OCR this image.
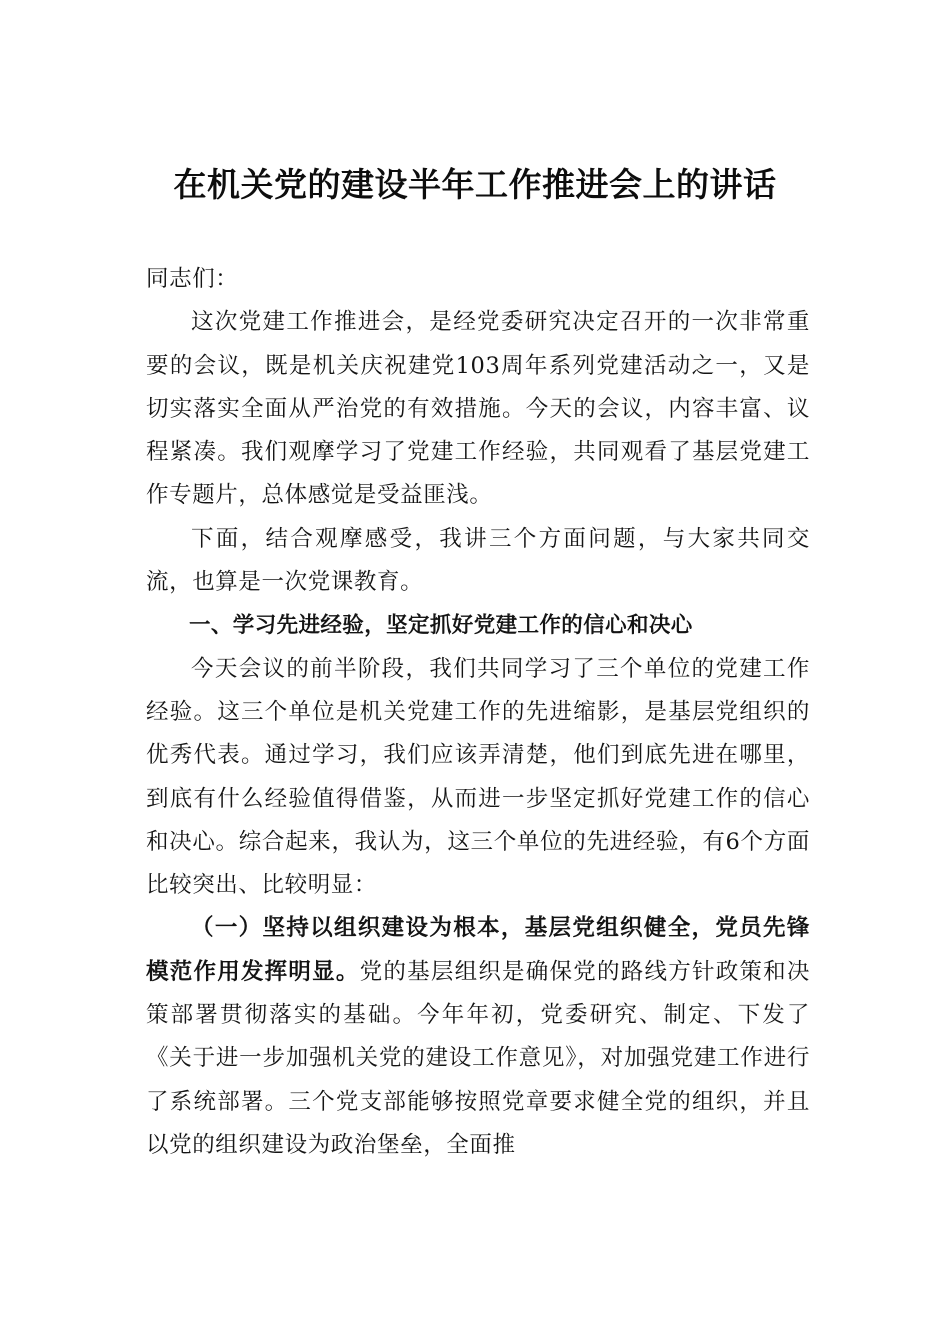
在机关党的建设半年工作推进会上的讲话

同志们：

这次党建工作推进会，是经党委研究决定召开的一次非常重要的会议，既是机关庆祝建党103周年系列党建活动之一，又是切实落实全面从严治党的有效措施。今天的会议，内容丰富、议程紧凑。我们观摩学习了党建工作经验，共同观看了基层党建工作专题片，总体感觉是受益匪浅。

下面，结合观摩感受，我讲三个方面问题，与大家共同交流，也算是一次党课教育。

一、学习先进经验，坚定抓好党建工作的信心和决心

今天会议的前半阶段，我们共同学习了三个单位的党建工作经验。这三个单位是机关党建工作的先进缩影，是基层党组织的优秀代表。通过学习，我们应该弄清楚，他们到底先进在哪里，到底有什么经验值得借鉴，从而进一步坚定抓好党建工作的信心和决心。综合起来，我认为，这三个单位的先进经验，有6个方面比较突出、比较明显：

（一）坚持以组织建设为根本，基层党组织健全，党员先锋模范作用发挥明显。党的基层组织是确保党的路线方针政策和决策部署贯彻落实的基础。今年年初，党委研究、制定、下发了《关于进一步加强机关党的建设工作意见》，对加强党建工作进行了系统部署。三个党支部能够按照党章要求健全党的组织，并且以党的组织建设为政治堡垒，全面推
